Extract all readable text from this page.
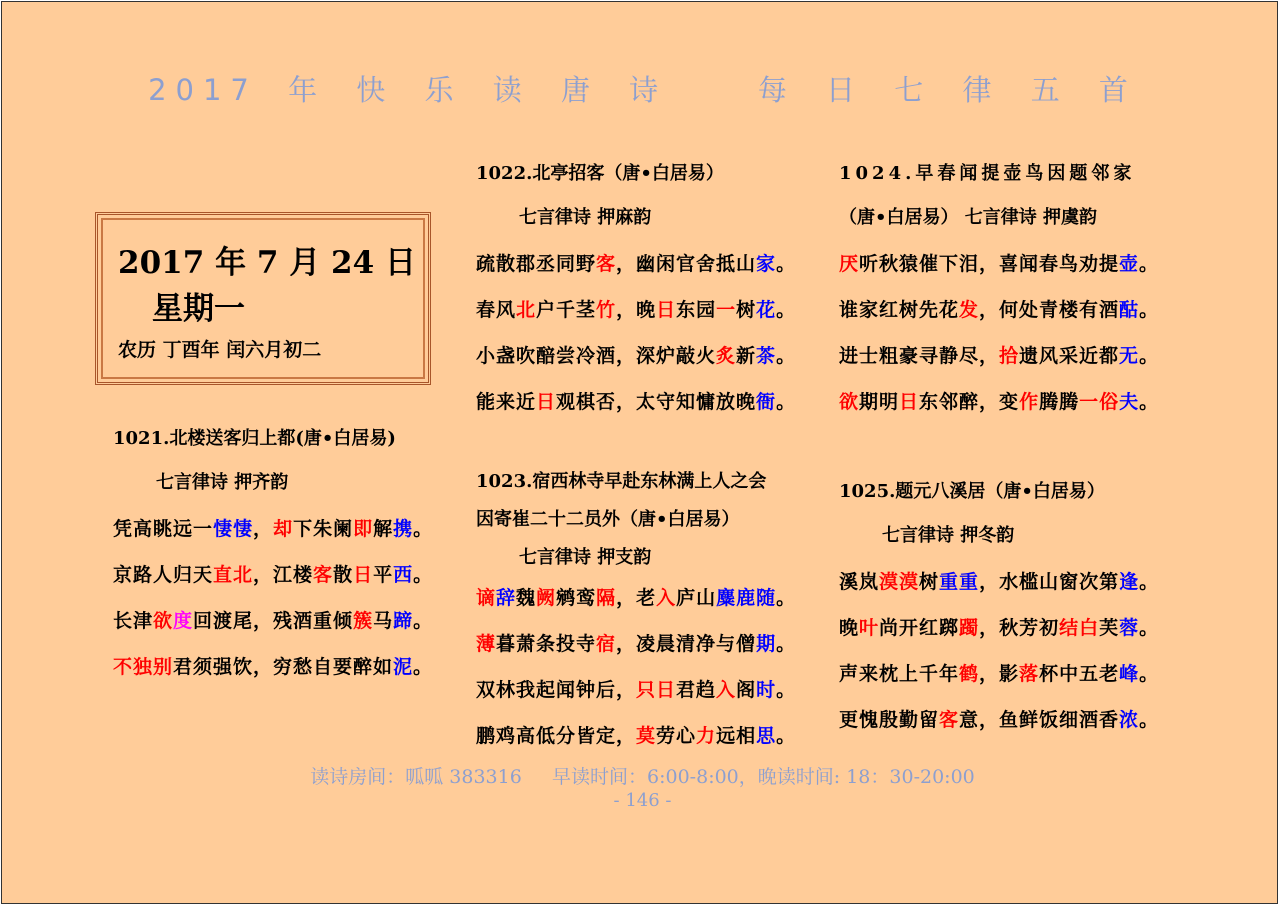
2017 年 快 乐 读 唐 诗   每 日 七 律 五 首
2017 年 7 月 24 日
星期一
农历 丁酉年 闰六月初二
1021.北楼送客归上都(唐•白居易)
七言律诗 押齐韵
凭高眺远一悽悽，却下朱阑即解携。
京路人归天直北，江楼客散日平西。
长津欲度回渡尾，残酒重倾簇马蹄。
不独别君须强饮，穷愁自要醉如泥。
1022.北亭招客（唐•白居易）
七言律诗 押麻韵
疏散郡丞同野客，幽闲官舍抵山家。
春风北户千茎竹，晚日东园一树花。
小盏吹醅尝冷酒，深炉敲火炙新茶。
能来近日观棋否，太守知慵放晚衙。
1023.宿西林寺早赴东林满上人之会
因寄崔二十二员外（唐•白居易）
七言律诗 押支韵
谪辞魏阙鹓鸾隔，老入庐山麋鹿随。
薄暮萧条投寺宿，凌晨清净与僧期。
双林我起闻钟后，只日君趋入阁时。
鹏鸡高低分皆定，莫劳心力远相思。
1024.早春闻提壶鸟因题邻家
（唐•白居易） 七言律诗 押虞韵
厌听秋猿催下泪，喜闻春鸟劝提壶。
谁家红树先花发，何处青楼有酒酤。
进士粗豪寻静尽，拾遗风采近都无。
欲期明日东邻醉，变作腾腾一俗夫。
1025.题元八溪居（唐•白居易）
七言律诗 押冬韵
溪岚漠漠树重重，水槛山窗次第逢。
晚叶尚开红踯躅，秋芳初结白芙蓉。
声来枕上千年鹤，影落杯中五老峰。
更愧殷勤留客意，鱼鲜饭细酒香浓。
读诗房间：呱呱 383316     早读时间：6:00-8:00，晚读时间: 18：30-20:00
- 146 -
